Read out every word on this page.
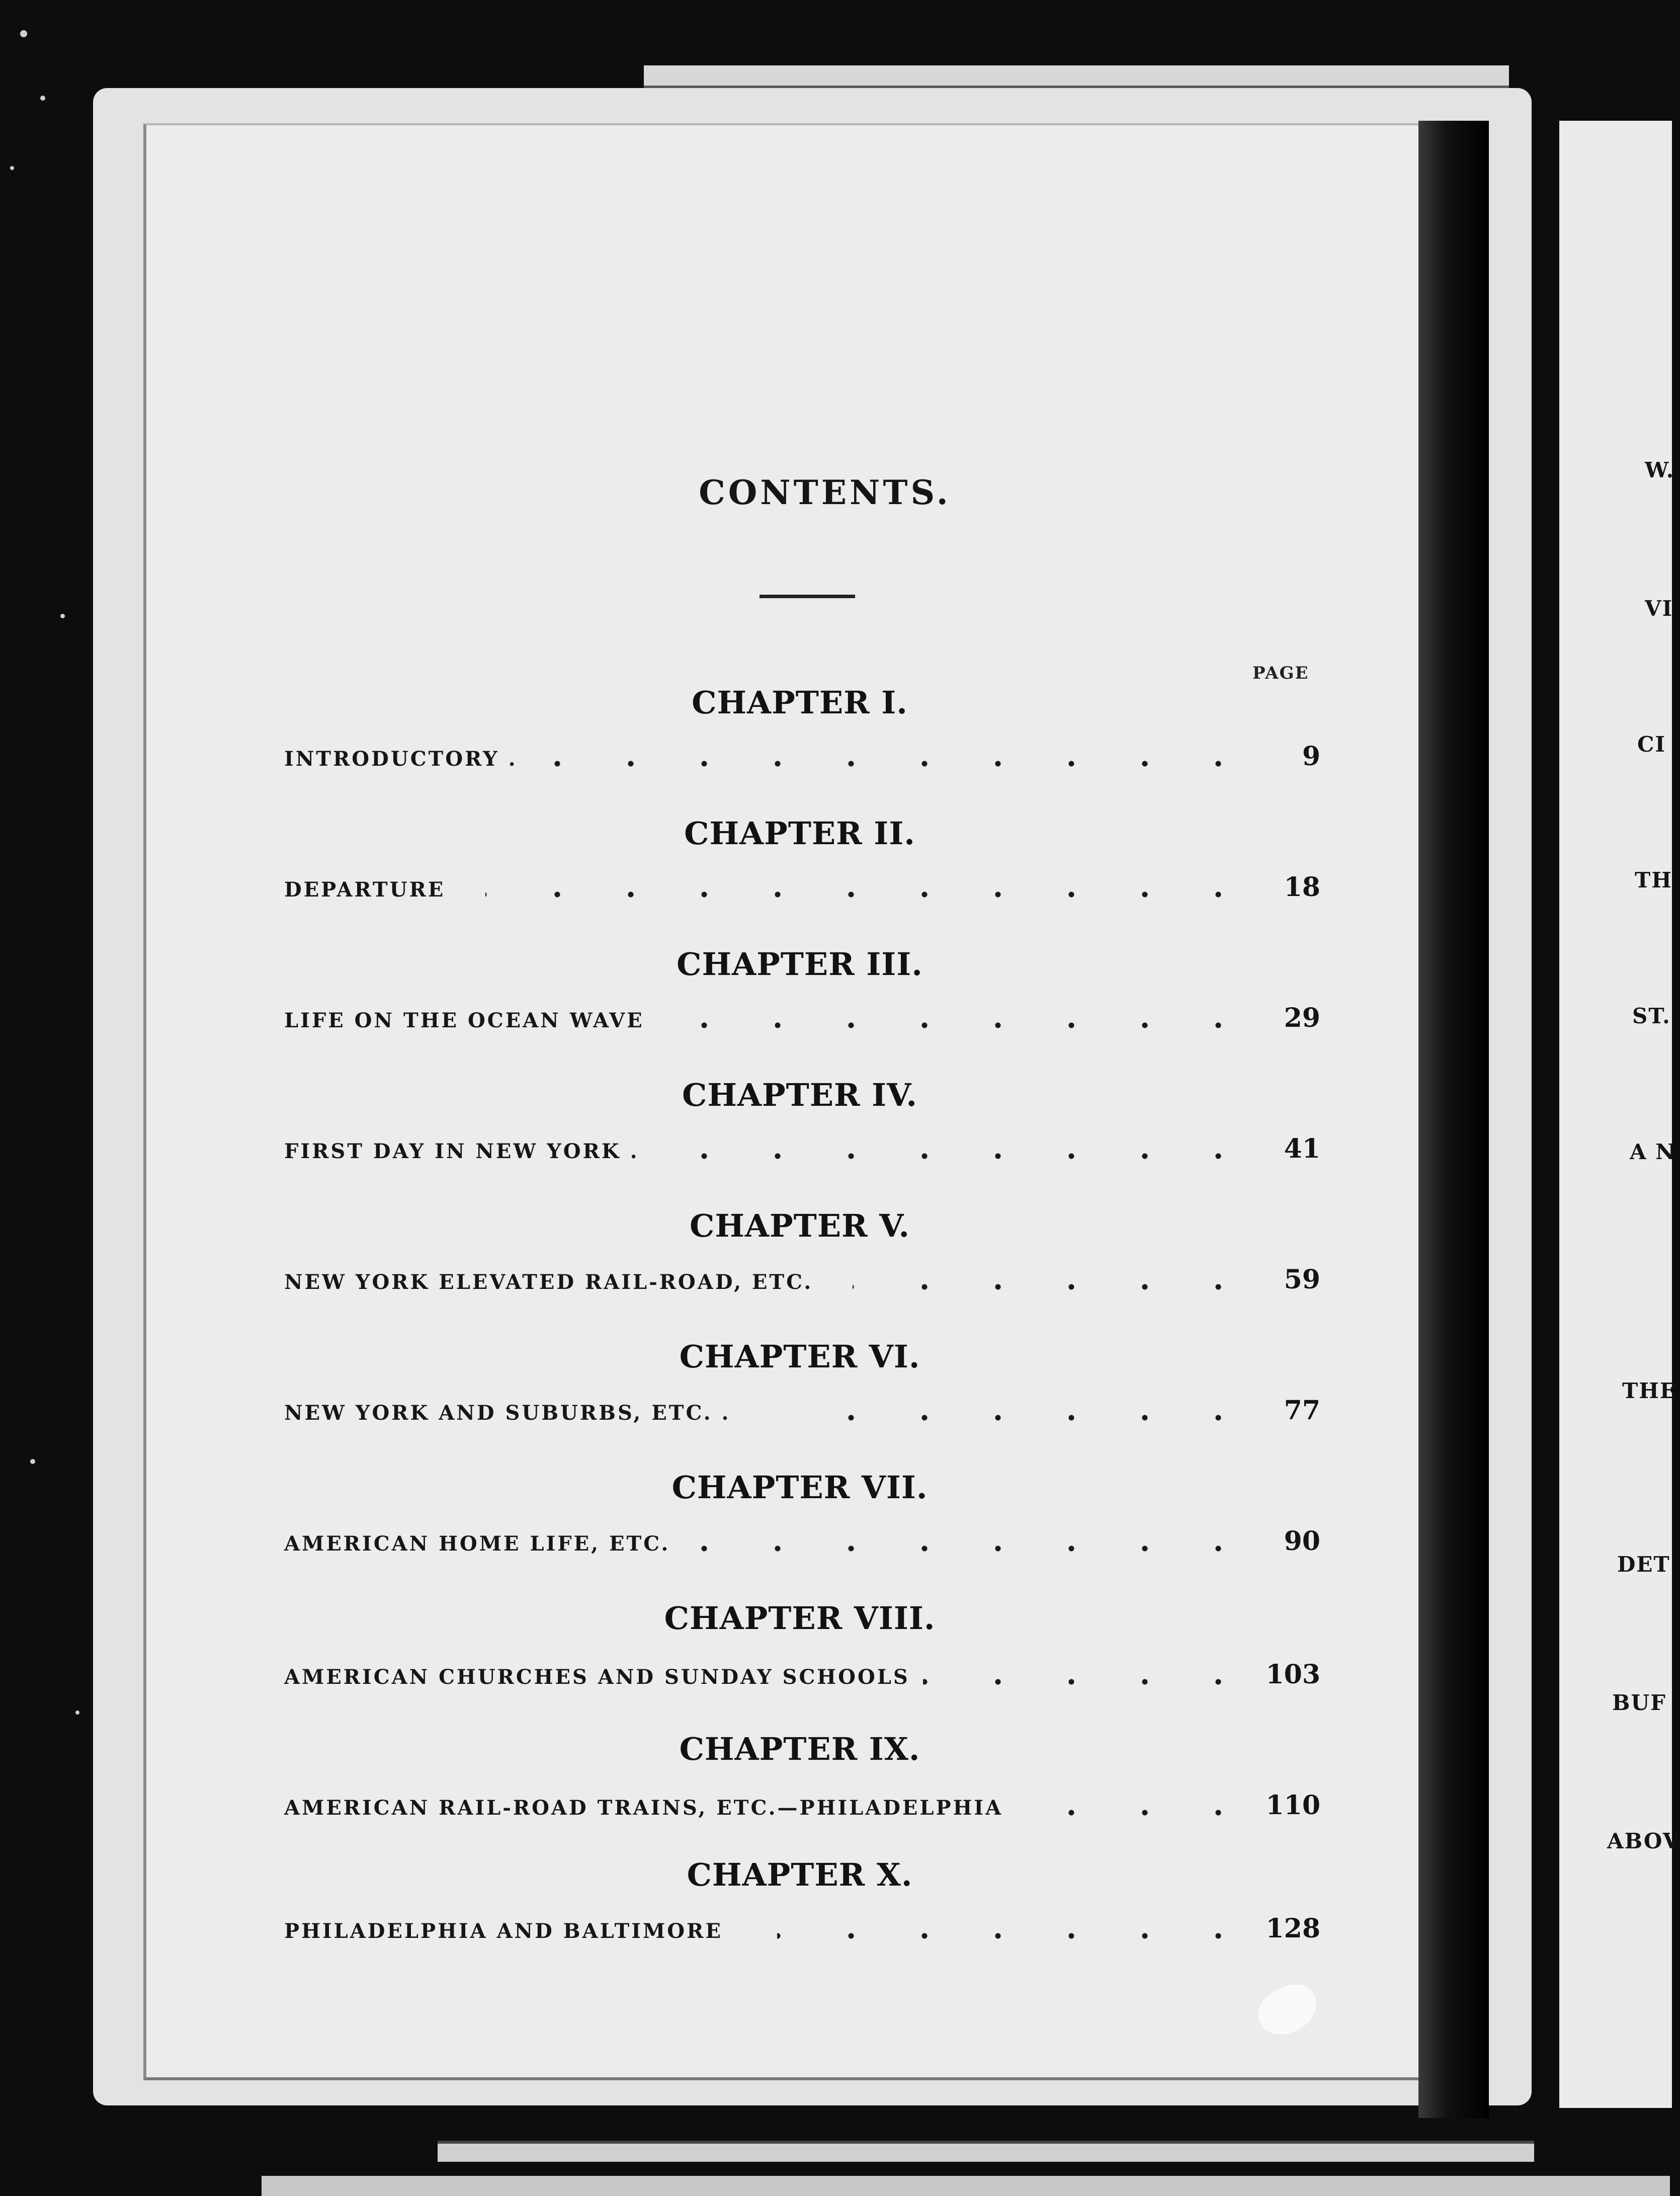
W.
VI
CI
TH
ST.
A N
THE
DET
BUF
ABOV
CONTENTS.
PAGE
CHAPTER I.
INTRODUCTORY .	9
CHAPTER II.
DEPARTURE	18
CHAPTER III.
LIFE ON THE OCEAN WAVE	29
CHAPTER IV.
FIRST DAY IN NEW YORK .	41
CHAPTER V.
NEW YORK ELEVATED RAIL-ROAD, ETC.	59
CHAPTER VI.
NEW YORK AND SUBURBS, ETC. .	77
CHAPTER VII.
AMERICAN HOME LIFE, ETC.	90
CHAPTER VIII.
AMERICAN CHURCHES AND SUNDAY SCHOOLS	103
CHAPTER IX.
AMERICAN RAIL-ROAD TRAINS, ETC.—PHILADELPHIA	110
CHAPTER X.
PHILADELPHIA AND BALTIMORE	128
